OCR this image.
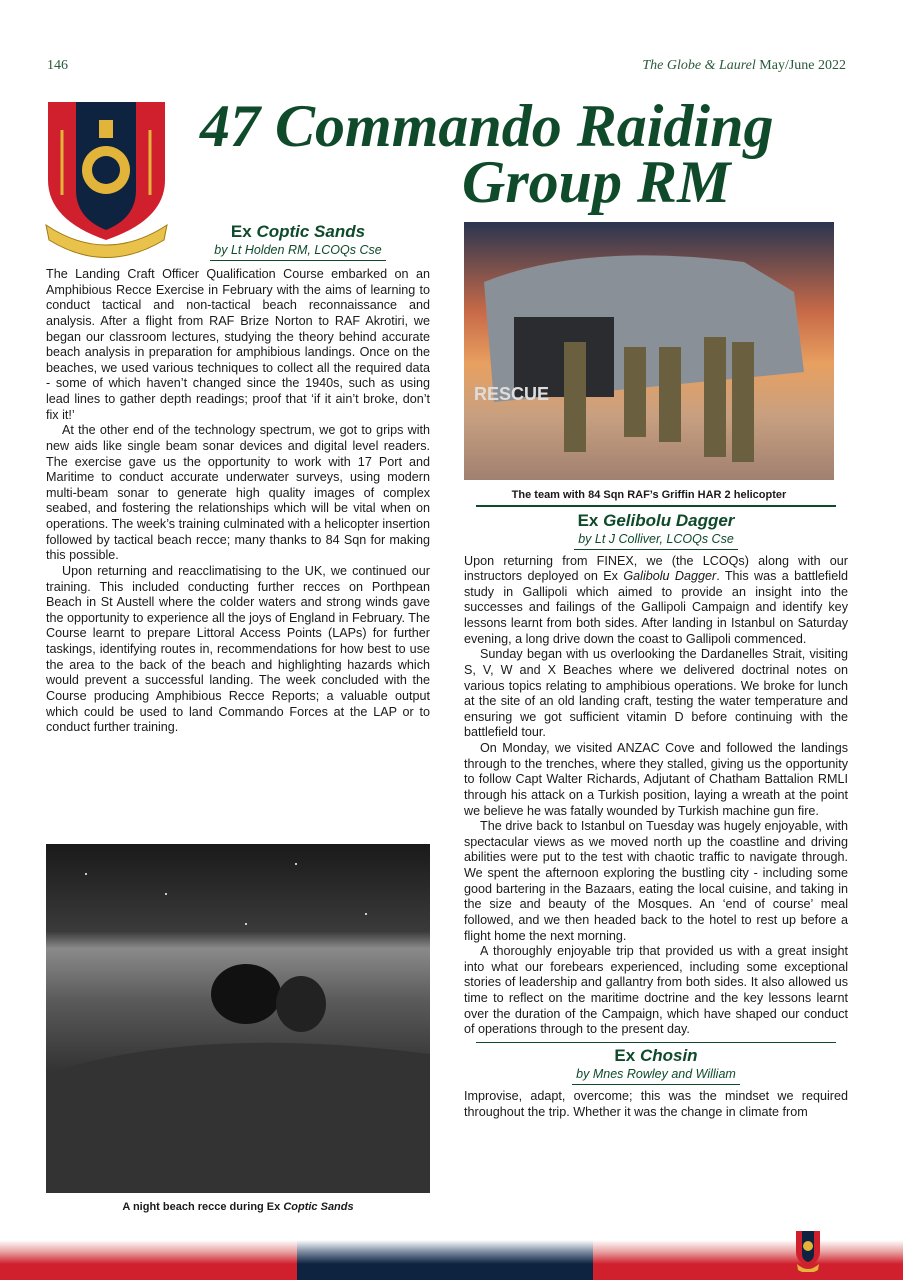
146	The Globe & Laurel May/June 2022
47 Commando Raiding
Group RM
Ex Coptic Sands
by Lt Holden RM, LCOQs Cse

The Landing Craft Officer Qualification Course embarked on an Amphibious Recce Exercise in February with the aims of learning to conduct tactical and non-tactical beach reconnaissance and analysis. After a flight from RAF Brize Norton to RAF Akrotiri, we began our classroom lectures, studying the theory behind accurate beach analysis in preparation for amphibious landings. Once on the beaches, we used various techniques to collect all the required data - some of which haven’t changed since the 1940s, such as using lead lines to gather depth readings; proof that ‘if it ain’t broke, don’t fix it!’

At the other end of the technology spectrum, we got to grips with new aids like single beam sonar devices and digital level readers. The exercise gave us the opportunity to work with 17 Port and Maritime to conduct accurate underwater surveys, using modern multi-beam sonar to generate high quality images of complex seabed, and fostering the relationships which will be vital when on operations. The week’s training culminated with a helicopter insertion followed by tactical beach recce; many thanks to 84 Sqn for making this possible.

Upon returning and reacclimatising to the UK, we continued our training. This included conducting further recces on Porthpean Beach in St Austell where the colder waters and strong winds gave the opportunity to experience all the joys of England in February. The Course learnt to prepare Littoral Access Points (LAPs) for further taskings, identifying routes in, recommendations for how best to use the area to the back of the beach and highlighting hazards which would prevent a successful landing. The week concluded with the Course producing Amphibious Recce Reports; a valuable output which could be used to land Commando Forces at the LAP or to conduct further training.

A night beach recce during Ex Coptic Sands
RESCUE
The team with 84 Sqn RAF’s Griffin HAR 2 helicopter
Ex Gelibolu Dagger
by Lt J Colliver, LCOQs Cse

Upon returning from FINEX, we (the LCOQs) along with our instructors deployed on Ex Galibolu Dagger. This was a battlefield study in Gallipoli which aimed to provide an insight into the successes and failings of the Gallipoli Campaign and identify key lessons learnt from both sides. After landing in Istanbul on Saturday evening, a long drive down the coast to Gallipoli commenced.

Sunday began with us overlooking the Dardanelles Strait, visiting S, V, W and X Beaches where we delivered doctrinal notes on various topics relating to amphibious operations. We broke for lunch at the site of an old landing craft, testing the water temperature and ensuring we got sufficient vitamin D before continuing with the battlefield tour.

On Monday, we visited ANZAC Cove and followed the landings through to the trenches, where they stalled, giving us the opportunity to follow Capt Walter Richards, Adjutant of Chatham Battalion RMLI through his attack on a Turkish position, laying a wreath at the point we believe he was fatally wounded by Turkish machine gun fire.

The drive back to Istanbul on Tuesday was hugely enjoyable, with spectacular views as we moved north up the coastline and driving abilities were put to the test with chaotic traffic to navigate through. We spent the afternoon exploring the bustling city - including some good bartering in the Bazaars, eating the local cuisine, and taking in the size and beauty of the Mosques. An ‘end of course’ meal followed, and we then headed back to the hotel to rest up before a flight home the next morning.

A thoroughly enjoyable trip that provided us with a great insight into what our forebears experienced, including some exceptional stories of leadership and gallantry from both sides. It also allowed us time to reflect on the maritime doctrine and the key lessons learnt over the duration of the Campaign, which have shaped our conduct of operations through to the present day.

Ex Chosin
by Mnes Rowley and William

Improvise, adapt, overcome; this was the mindset we required throughout the trip. Whether it was the change in climate from
